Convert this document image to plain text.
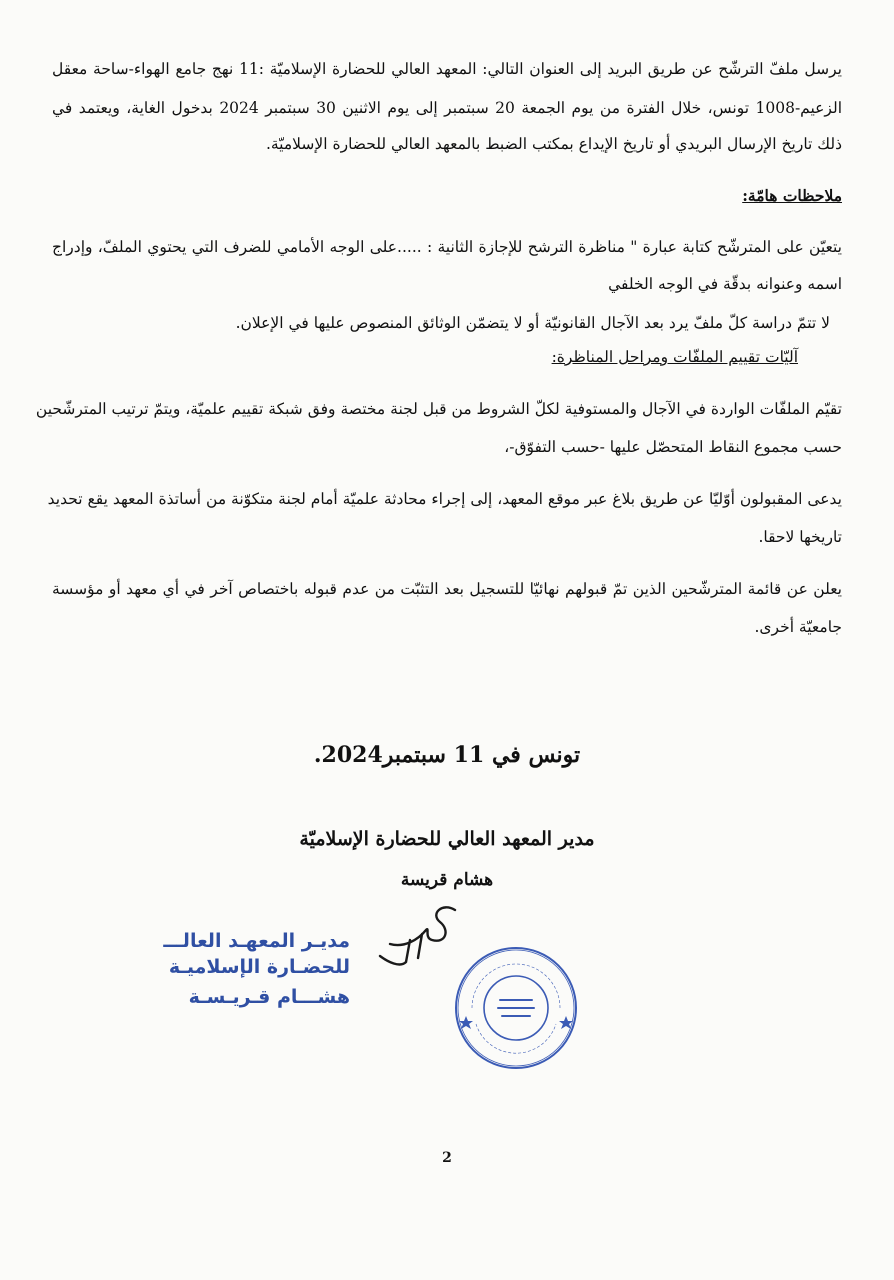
يرسل ملفّ الترشّح عن طريق البريد إلى العنوان التالي: المعهد العالي للحضارة الإسلاميّة :11 نهج جامع الهواء-ساحة معقل
الزعيم-1008 تونس، خلال الفترة من يوم الجمعة 20 سبتمبر إلى يوم الاثنين 30 سبتمبر 2024 بدخول الغاية، ويعتمد في
ذلك تاريخ الإرسال البريدي أو تاريخ الإيداع بمكتب الضبط بالمعهد العالي للحضارة الإسلاميّة.
ملاحظات هامّة:
يتعيّن على المترشّح كتابة عبارة " مناظرة الترشح للإجازة الثانية : .....على الوجه الأمامي للضرف التي يحتوي الملفّ، وإدراج
اسمه وعنوانه بدقّة في الوجه الخلفي
لا تتمّ دراسة كلّ ملفّ يرد بعد الآجال القانونيّة أو لا يتضمّن الوثائق المنصوص عليها في الإعلان.
آليّات تقييم الملفّات ومراحل المناظرة:
تقيّم الملفّات الواردة في الآجال والمستوفية لكلّ الشروط من قبل لجنة مختصة وفق شبكة تقييم علميّة، ويتمّ ترتيب المترشّحين
حسب مجموع النقاط المتحصّل عليها -حسب التفوّق-،
يدعى المقبولون أوّليّا عن طريق بلاغ عبر موقع المعهد، إلى إجراء محادثة علميّة أمام لجنة متكوّنة من أساتذة المعهد يقع تحديد
تاريخها لاحقا.
يعلن عن قائمة المترشّحين الذين تمّ قبولهم نهائيّا للتسجيل بعد التثبّت من عدم قبوله باختصاص آخر في أي معهد أو مؤسسة
جامعيّة أخرى.
تونس في 11 سبتمبر2024.
مدير المعهد العالي للحضارة الإسلاميّة
هشام قريسة
مديـر المعهـد العالـــ
للحضـارة الإسلاميـة
هشـــام قـريـسـة
2
